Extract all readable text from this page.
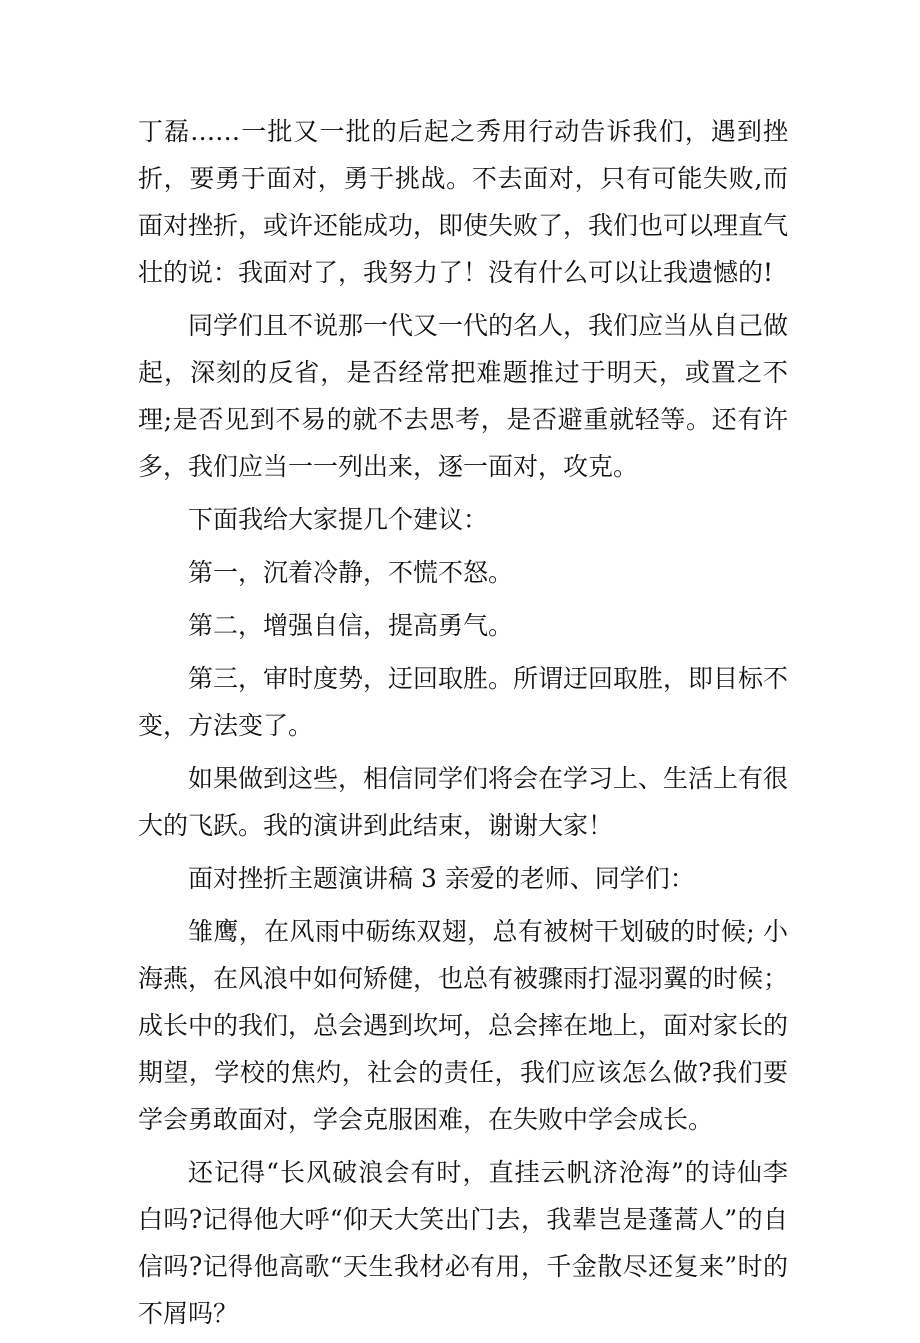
丁磊……一批又一批的后起之秀用行动告诉我们，遇到挫折，要勇于面对，勇于挑战。不去面对，只有可能失败,而面对挫折，或许还能成功，即使失败了，我们也可以理直气壮的说：我面对了，我努力了！没有什么可以让我遗憾的!

同学们且不说那一代又一代的名人，我们应当从自己做起，深刻的反省，是否经常把难题推过于明天，或置之不理;是否见到不易的就不去思考，是否避重就轻等。还有许多，我们应当一一列出来，逐一面对，攻克。

下面我给大家提几个建议：

第一，沉着冷静，不慌不怒。

第二，增强自信，提高勇气。

第三，审时度势，迂回取胜。所谓迂回取胜，即目标不变，方法变了。

如果做到这些，相信同学们将会在学习上、生活上有很大的飞跃。我的演讲到此结束，谢谢大家！

面对挫折主题演讲稿 3 亲爱的老师、同学们：

雏鹰，在风雨中砺练双翅，总有被树干划破的时候; 小海燕，在风浪中如何矫健，也总有被骤雨打湿羽翼的时候；成长中的我们，总会遇到坎坷，总会摔在地上，面对家长的期望，学校的焦灼，社会的责任，我们应该怎么做?我们要学会勇敢面对，学会克服困难，在失败中学会成长。

还记得“长风破浪会有时，直挂云帆济沧海”的诗仙李白吗?记得他大呼“仰天大笑出门去，我辈岂是蓬蒿人”的自信吗?记得他高歌“天生我材必有用，千金散尽还复来”时的不屑吗？
